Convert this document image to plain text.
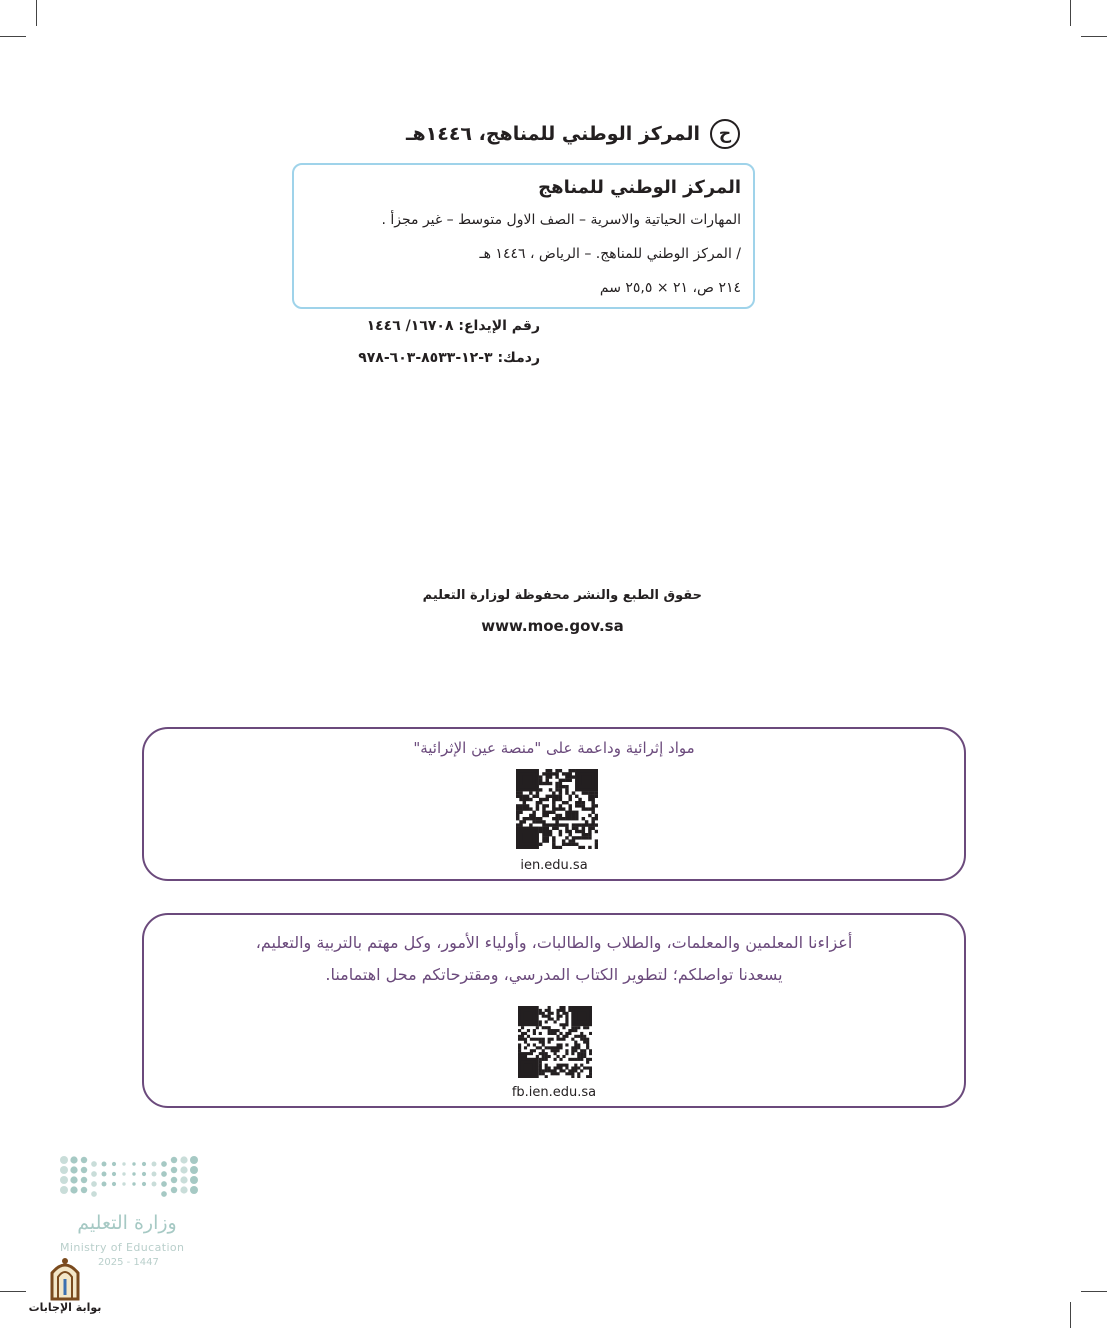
ح
المركز الوطني للمناهج، ١٤٤٦هـ
المركز الوطني للمناهج
المهارات الحياتية والاسرية – الصف الاول متوسط – غير مجزأ .
/ المركز الوطني للمناهج. – الرياض ، ١٤٤٦ هـ
٢١٤ ص، ٢١ × ٢٥,٥ سم
رقم الإيداع: ١٦٧٠٨/ ١٤٤٦
ردمك: ٣-١٢-٨٥٣٣-٦٠٣-٩٧٨
حقوق الطبع والنشر محفوظة لوزارة التعليم
www.moe.gov.sa
مواد إثرائية وداعمة على "منصة عين الإثرائية"
ien.edu.sa
أعزاءنا المعلمين والمعلمات، والطلاب والطالبات، وأولياء الأمور، وكل مهتم بالتربية والتعليم،
يسعدنا تواصلكم؛ لتطوير الكتاب المدرسي، ومقترحاتكم محل اهتمامنا.
fb.ien.edu.sa
وزارة التعليم
Ministry of Education
2025 - 1447
بوابة الإجابات
